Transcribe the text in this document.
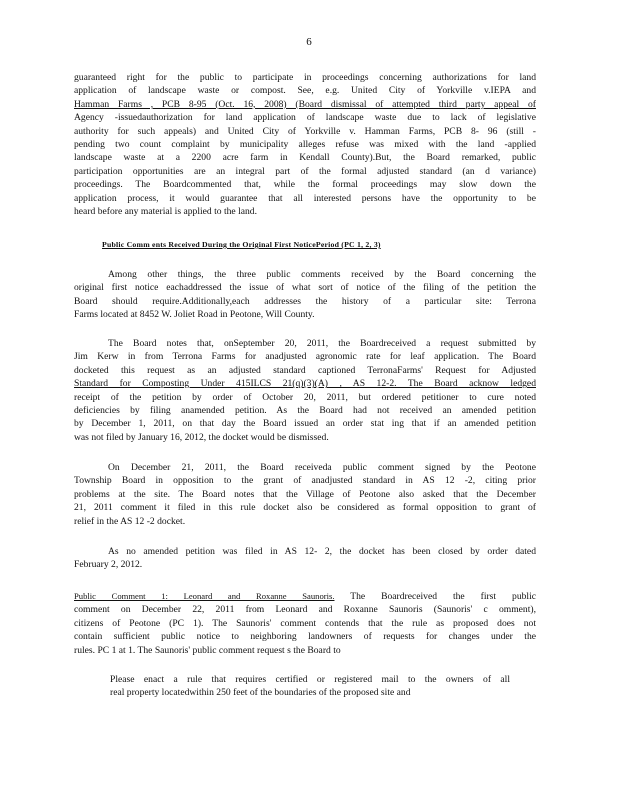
6
guaranteed right for the public to participate in proceedings concerning authorizations for land
application of landscape waste or compost. See, e.g. United City of Yorkville v.IEPA and
Hamman Farms , PCB 8-95 (Oct. 16, 2008) (Board dismissal of attempted third party appeal of
Agency -issuedauthorization for land application of landscape waste due to lack of legislative
authority for such appeals) and United City of Yorkville v. Hamman Farms, PCB 8- 96 (still -
pending two count complaint by municipality alleges refuse was mixed with the land -applied
landscape waste at a 2200 acre farm in Kendall County).But, the Board remarked, public
participation opportunities are an integral part of the formal adjusted standard (an d variance)
proceedings. The Boardcommented that, while the formal proceedings may slow down the
application process, it would guarantee that all interested persons have the opportunity to be
heard before any material is applied to the land.
Public Comm ents Received During the Original First NoticePeriod (PC 1, 2, 3)
Among other things, the three public comments received by the Board concerning the
original first notice eachaddressed the issue of what sort of notice of the filing of the petition the
Board should require.Additionally,each addresses the history of a particular site: Terrona
Farms located at 8452 W. Joliet Road in Peotone, Will County.
The Board notes that, onSeptember 20, 2011, the Boardreceived a request submitted by
Jim Kerw in from Terrona Farms for anadjusted agronomic rate for leaf application. The Board
docketed this request as an adjusted standard captioned TerronaFarms' Request for Adjusted
Standard for Composting Under 415ILCS 21(q)(3)(A) , AS 12-2. The Board acknow ledged
receipt of the petition by order of October 20, 2011, but ordered petitioner to cure noted
deficiencies by filing anamended petition. As the Board had not received an amended petition
by December 1, 2011, on that day the Board issued an order stat ing that if an amended petition
was not filed by January 16, 2012, the docket would be dismissed.
On December 21, 2011, the Board receiveda public comment signed by the Peotone
Township Board in opposition to the grant of anadjusted standard in AS 12 -2, citing prior
problems at the site. The Board notes that the Village of Peotone also asked that the December
21, 2011 comment it filed in this rule docket also be considered as formal opposition to grant of
relief in the AS 12 -2 docket.
As no amended petition was filed in AS 12- 2, the docket has been closed by order dated
February 2, 2012.
Public Comment 1: Leonard and Roxanne Saunoris. The Boardreceived the first public
comment on December 22, 2011 from Leonard and Roxanne Saunoris (Saunoris' c omment),
citizens of Peotone (PC 1). The Saunoris' comment contends that the rule as proposed does not
contain sufficient public notice to neighboring landowners of requests for changes under the
rules. PC 1 at 1. The Saunoris' public comment request s the Board to
Please enact a rule that requires certified or registered mail to the owners of all
real property locatedwithin 250 feet of the boundaries of the proposed site and
